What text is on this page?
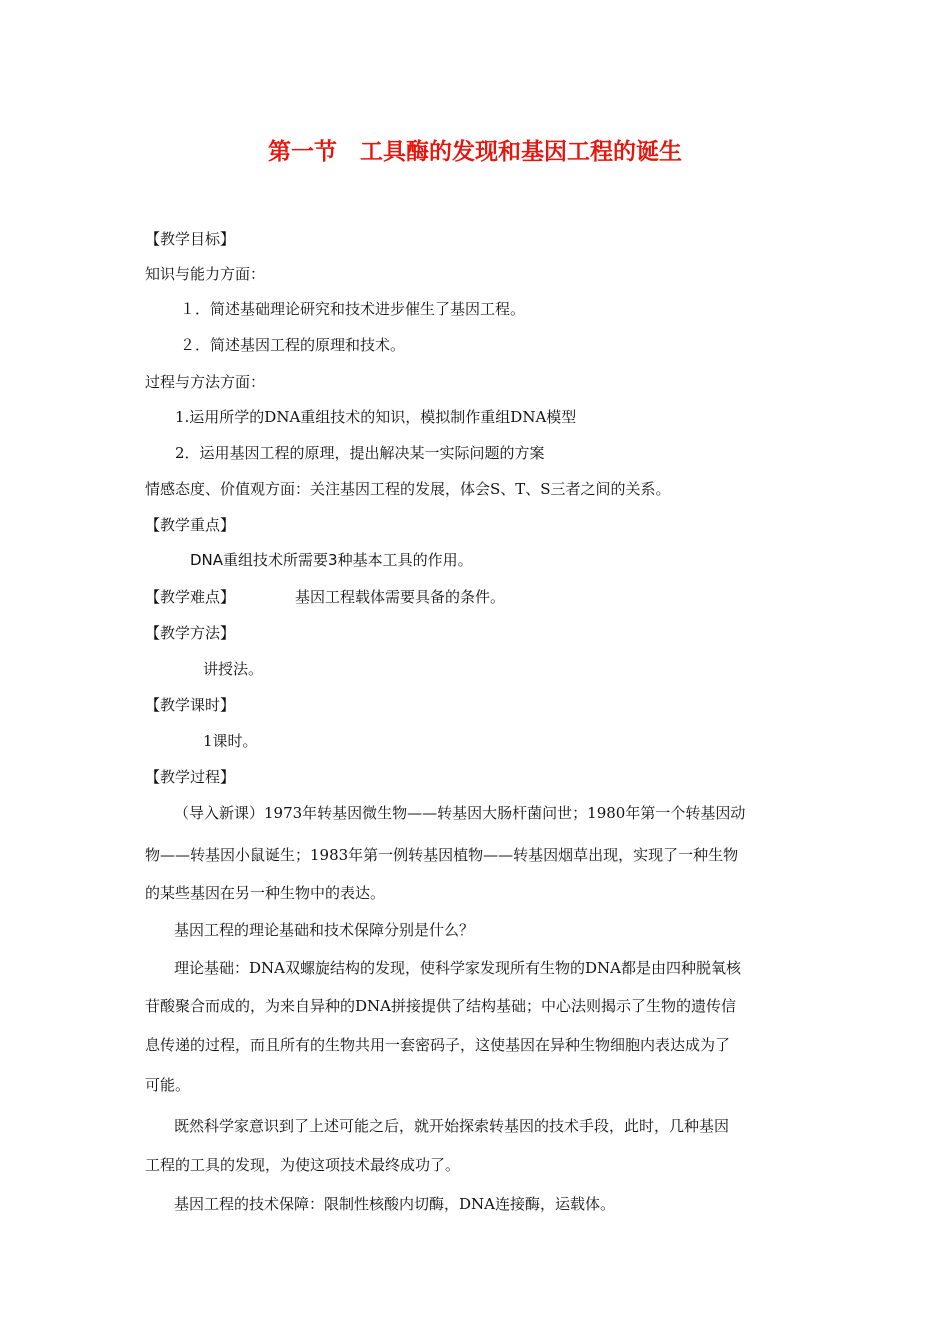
第一节　工具酶的发现和基因工程的诞生
【教学目标】
知识与能力方面：
１．简述基础理论研究和技术进步催生了基因工程。
２．简述基因工程的原理和技术。
过程与方法方面：
1.运用所学的DNA重组技术的知识，模拟制作重组DNA模型
2．运用基因工程的原理，提出解决某一实际问题的方案
情感态度、价值观方面：关注基因工程的发展，体会S、T、S三者之间的关系。
【教学重点】
DNA重组技术所需要3种基本工具的作用。
【教学难点】	基因工程载体需要具备的条件。
【教学方法】
讲授法。
【教学课时】
1课时。
【教学过程】
（导入新课）1973年转基因微生物——转基因大肠杆菌问世；1980年第一个转基因动
物——转基因小鼠诞生；1983年第一例转基因植物——转基因烟草出现，实现了一种生物
的某些基因在另一种生物中的表达。
基因工程的理论基础和技术保障分别是什么？
理论基础：DNA双螺旋结构的发现，使科学家发现所有生物的DNA都是由四种脱氧核
苷酸聚合而成的，为来自异种的DNA拼接提供了结构基础；中心法则揭示了生物的遗传信
息传递的过程，而且所有的生物共用一套密码子，这使基因在异种生物细胞内表达成为了
可能。
既然科学家意识到了上述可能之后，就开始探索转基因的技术手段，此时，几种基因
工程的工具的发现，为使这项技术最终成功了。
基因工程的技术保障：限制性核酸内切酶，DNA连接酶，运载体。
